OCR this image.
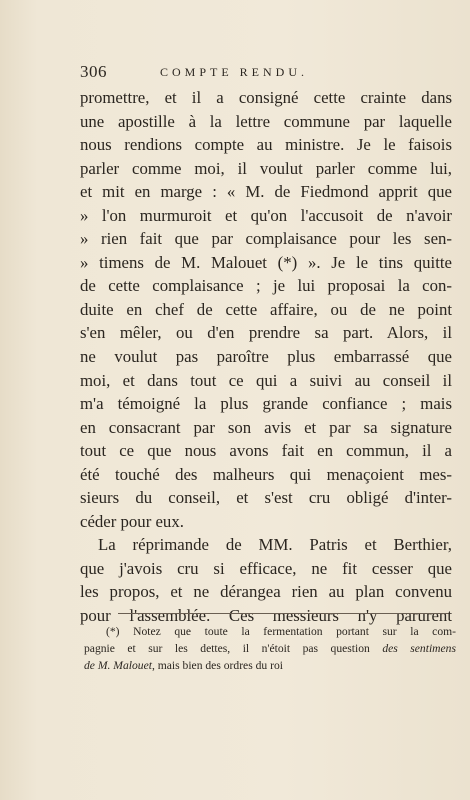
306	COMPTE RENDU.
promettre, et il a consigné cette crainte dans
une apostille à la lettre commune par laquelle
nous rendions compte au ministre. Je le faisois
parler comme moi, il voulut parler comme lui,
et mit en marge : « M. de Fiedmond apprit que
» l'on murmuroit et qu'on l'accusoit de n'avoir
» rien fait que par complaisance pour les sen-
» timens de M. Malouet (*) ». Je le tins quitte
de cette complaisance ; je lui proposai la con-
duite en chef de cette affaire, ou de ne point
s'en mêler, ou d'en prendre sa part. Alors, il
ne voulut pas paroître plus embarrassé que
moi, et dans tout ce qui a suivi au conseil il
m'a témoigné la plus grande confiance ; mais
en consacrant par son avis et par sa signature
tout ce que nous avons fait en commun, il a
été touché des malheurs qui menaçoient mes-
sieurs du conseil, et s'est cru obligé d'inter-
céder pour eux.
La réprimande de MM. Patris et Berthier,
que j'avois cru si efficace, ne fit cesser que
les propos, et ne dérangea rien au plan convenu
pour l'assemblée. Ces messieurs n'y parurent
(*) Notez que toute la fermentation portant sur la com-
pagnie et sur les dettes, il n'étoit pas question des sentimens
de M. Malouet, mais bien des ordres du roi
